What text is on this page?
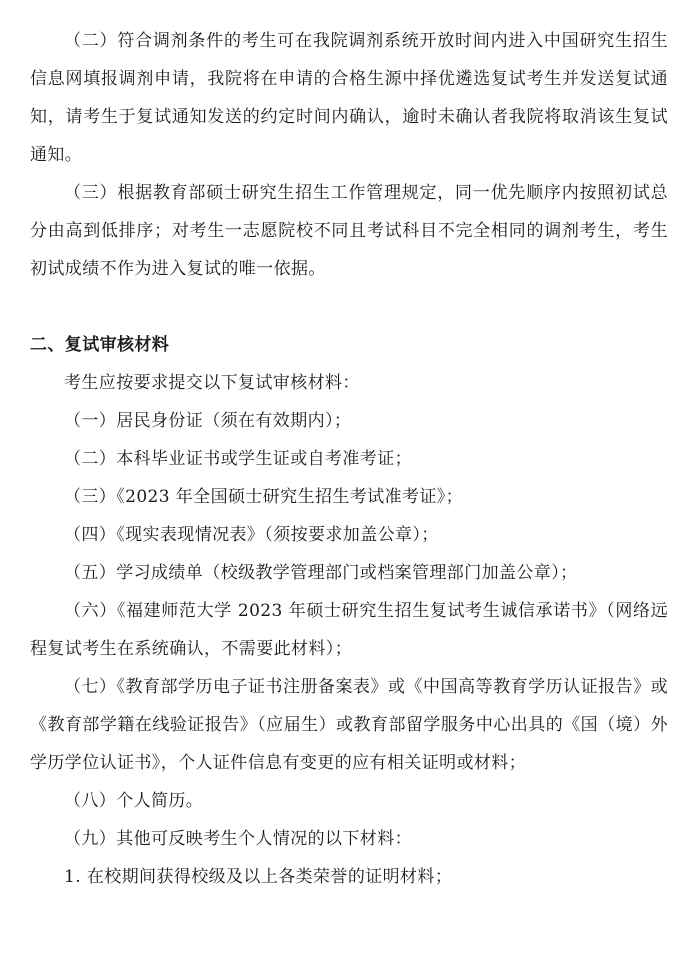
（二）符合调剂条件的考生可在我院调剂系统开放时间内进入中国研究生招生信息网填报调剂申请，我院将在申请的合格生源中择优遴选复试考生并发送复试通知，请考生于复试通知发送的约定时间内确认，逾时未确认者我院将取消该生复试通知。

（三）根据教育部硕士研究生招生工作管理规定，同一优先顺序内按照初试总分由高到低排序；对考生一志愿院校不同且考试科目不完全相同的调剂考生，考生初试成绩不作为进入复试的唯一依据。

二、复试审核材料

考生应按要求提交以下复试审核材料：

（一）居民身份证（须在有效期内）；

（二）本科毕业证书或学生证或自考准考证；

（三）《2023 年全国硕士研究生招生考试准考证》；

（四）《现实表现情况表》（须按要求加盖公章）；

（五）学习成绩单（校级教学管理部门或档案管理部门加盖公章）；

（六）《福建师范大学 2023 年硕士研究生招生复试考生诚信承诺书》（网络远程复试考生在系统确认，不需要此材料）；

（七）《教育部学历电子证书注册备案表》或《中国高等教育学历认证报告》或《教育部学籍在线验证报告》（应届生）或教育部留学服务中心出具的《国（境）外学历学位认证书》，个人证件信息有变更的应有相关证明或材料；

（八）个人简历。

（九）其他可反映考生个人情况的以下材料：

1. 在校期间获得校级及以上各类荣誉的证明材料；
